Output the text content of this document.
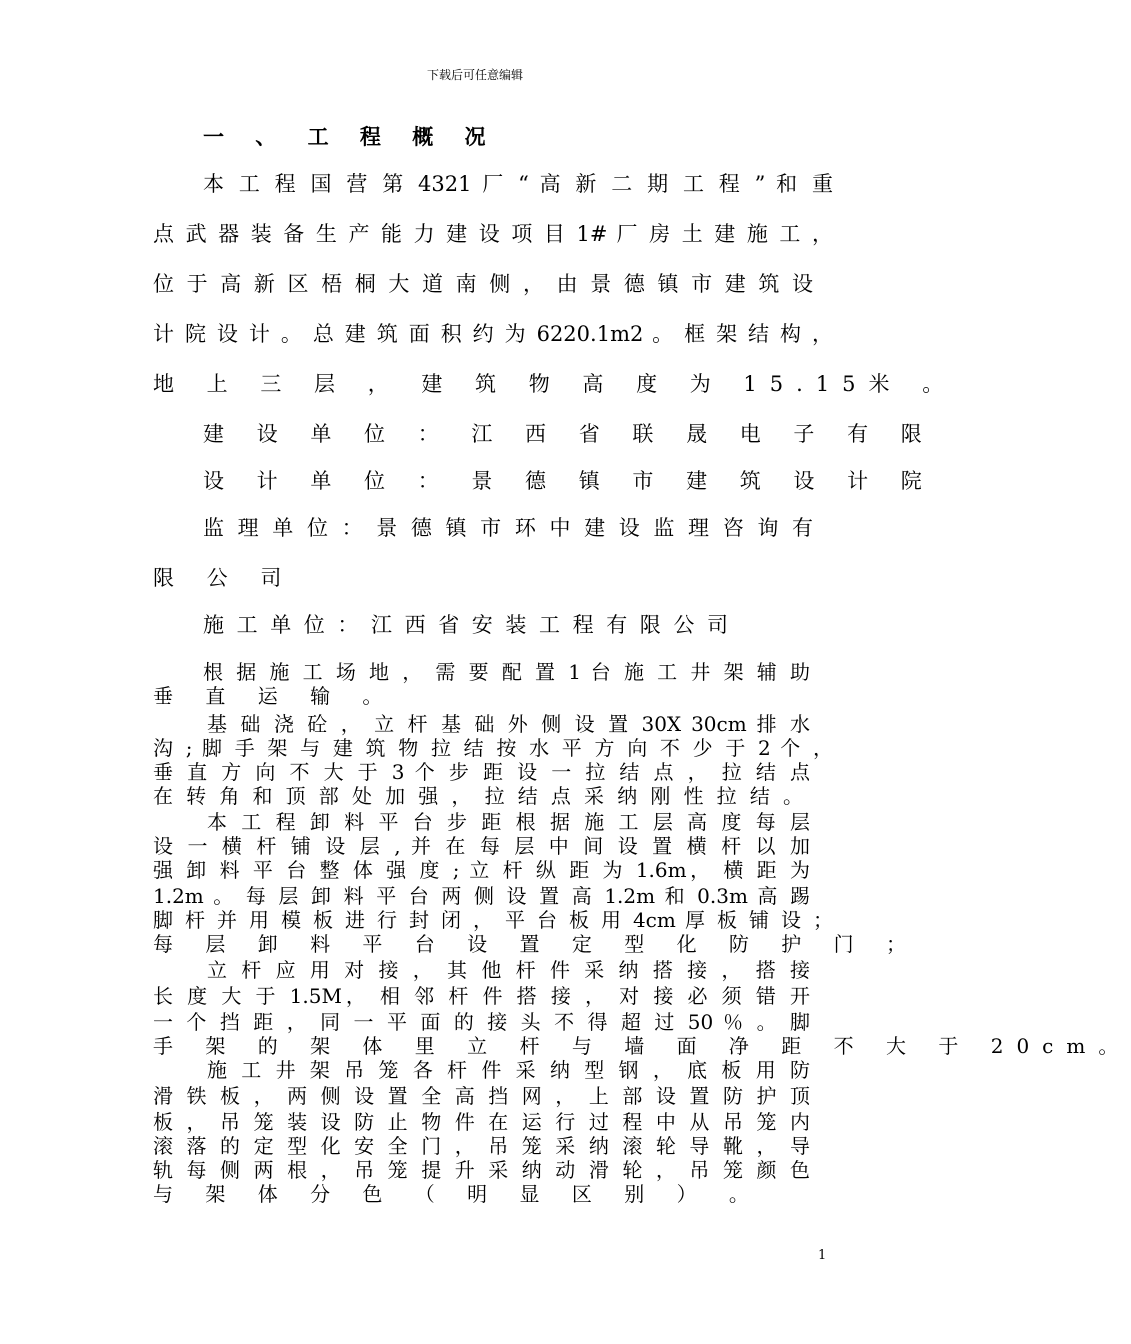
下载后可任意编辑
一 、 工 程 概 况
本 工 程 国 营 第 4321 厂 “ 高 新 二 期 工 程 ” 和 重
点 武 器 装 备 生 产 能 力 建 设 项 目 1# 厂 房 土 建 施 工 ，
位 于 高 新 区 梧 桐 大 道 南 侧 ， 由 景 德 镇 市 建 筑 设
计 院 设 计 。 总 建 筑 面 积 约 为 6220.1m2 。 框 架 结 构 ，
地 上 三 层 ， 建 筑 物 高 度 为 15.15米 。
建 设 单 位 ： 江 西 省 联 晟 电 子 有 限
设 计 单 位 ： 景 德 镇 市 建 筑 设 计 院
监 理 单 位 ： 景 德 镇 市 环 中 建 设 监 理 咨 询 有
限 公 司
施 工 单 位 ： 江 西 省 安 装 工 程 有 限 公 司
根 据 施 工 场 地 ， 需 要 配 置 1 台 施 工 井 架 辅 助
垂 直 运 输 。
基 础 浇 砼 ， 立 杆 基 础 外 侧 设 置 30X 30cm 排 水
沟 ; 脚 手 架 与 建 筑 物 拉 结 按 水 平 方 向 不 少 于 2 个 ，
垂 直 方 向 不 大 于 3 个 步 距 设 一 拉 结 点 ， 拉 结 点
在 转 角 和 顶 部 处 加 强 ， 拉 结 点 采 纳 刚 性 拉 结 。
本 工 程 卸 料 平 台 步 距 根 据 施 工 层 高 度 每 层
设 一 横 杆 铺 设 层 , 并 在 每 层 中 间 设 置 横 杆 以 加
强 卸 料 平 台 整 体 强 度 ; 立 杆 纵 距 为 1.6m， 横 距 为
1.2m 。 每 层 卸 料 平 台 两 侧 设 置 高 1.2m 和 0.3m 高 踢
脚 杆 并 用 模 板 进 行 封 闭 ， 平 台 板 用 4cm 厚 板 铺 设 ；
每 层 卸 料 平 台 设 置 定 型 化 防 护 门 ；
立 杆 应 用 对 接 ， 其 他 杆 件 采 纳 搭 接 ， 搭 接
长 度 大 于 1.5M， 相 邻 杆 件 搭 接 ， 对 接 必 须 错 开
一 个 挡 距 ， 同 一 平 面 的 接 头 不 得 超 过 50 ％ 。 脚
手 架 的 架 体 里 立 杆 与 墙 面 净 距 不 大 于 20cm。
施 工 井 架 吊 笼 各 杆 件 采 纳 型 钢 ， 底 板 用 防
滑 铁 板 ， 两 侧 设 置 全 高 挡 网 ， 上 部 设 置 防 护 顶
板 ， 吊 笼 装 设 防 止 物 件 在 运 行 过 程 中 从 吊 笼 内
滚 落 的 定 型 化 安 全 门 ， 吊 笼 采 纳 滚 轮 导 靴 ， 导
轨 每 侧 两 根 ， 吊 笼 提 升 采 纳 动 滑 轮 ， 吊 笼 颜 色
与 架 体 分 色 （ 明 显 区 别 ） 。
1
